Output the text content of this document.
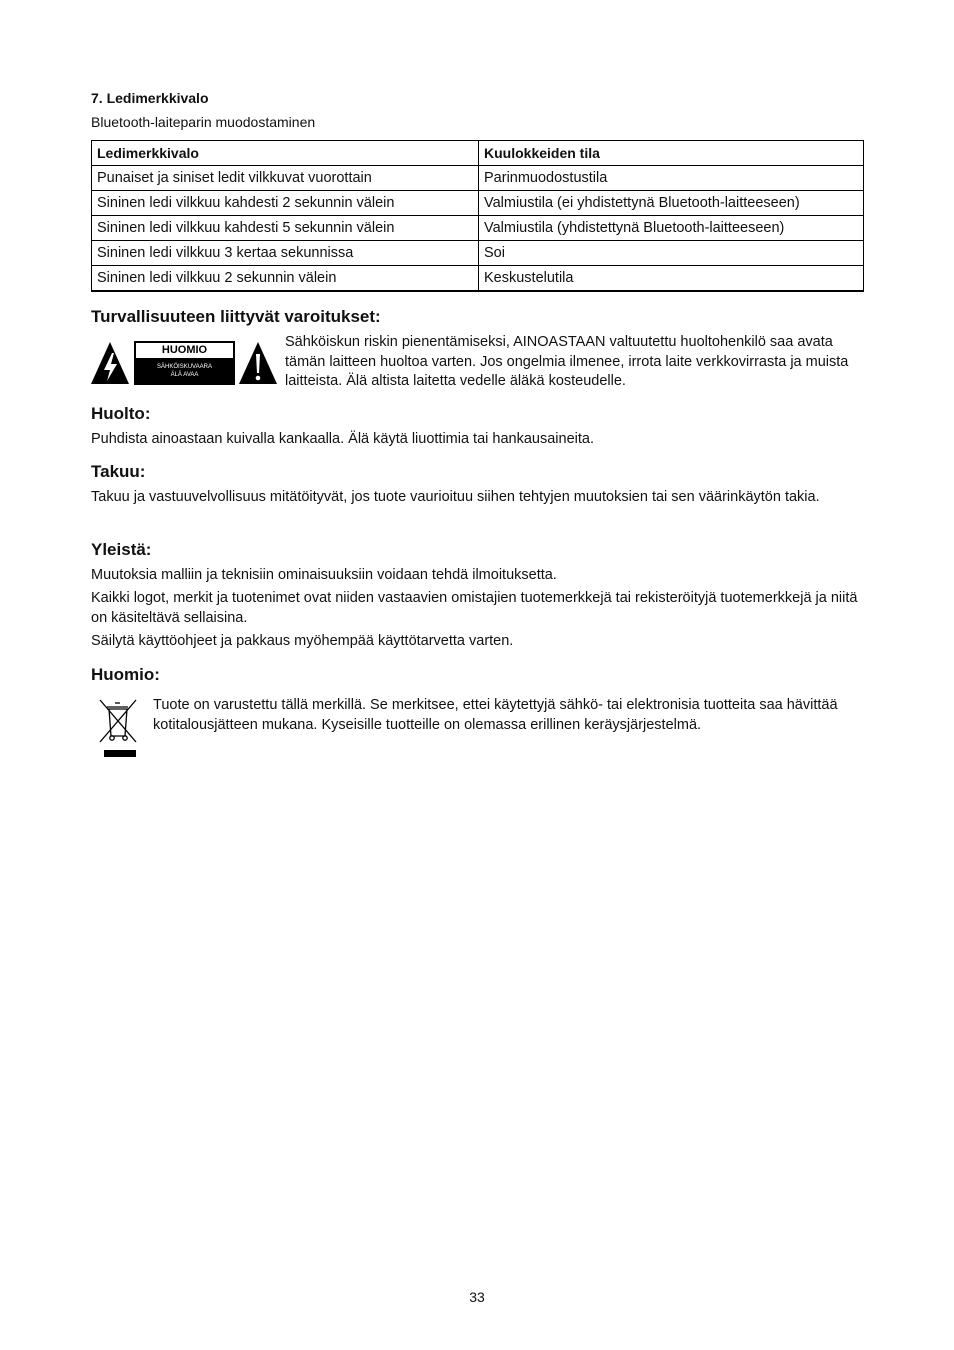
7. Ledimerkkivalo
Bluetooth-laiteparin muodostaminen
Ledimerkkivalo	Kuulokkeiden tila
Punaiset ja siniset ledit vilkkuvat vuorottain	Parinmuodostustila
Sininen ledi vilkkuu kahdesti 2 sekunnin välein	Valmiustila (ei yhdistettynä Bluetooth-laitteeseen)
Sininen ledi vilkkuu kahdesti 5 sekunnin välein	Valmiustila (yhdistettynä Bluetooth-laitteeseen)
Sininen ledi vilkkuu 3 kertaa sekunnissa	Soi
Sininen ledi vilkkuu 2 sekunnin välein	Keskustelutila
Turvallisuuteen liittyvät varoitukset:
HUOMIO
SÄHKÖISKUVAARA
ÄLÄ AVAA
Sähköiskun riskin pienentämiseksi, AINOASTAAN valtuutettu huoltohenkilö saa avata tämän laitteen huoltoa varten. Jos ongelmia ilmenee, irrota laite verkkovirrasta ja muista laitteista. Älä altista laitetta vedelle äläkä kosteudelle.
Huolto:

Puhdista ainoastaan kuivalla kankaalla. Älä käytä liuottimia tai hankausaineita.

Takuu:

Takuu ja vastuuvelvollisuus mitätöityvät, jos tuote vaurioituu siihen tehtyjen muutoksien tai sen väärinkäytön takia.

Yleistä:

Muutoksia malliin ja teknisiin ominaisuuksiin voidaan tehdä ilmoituksetta.

Kaikki logot, merkit ja tuotenimet ovat niiden vastaavien omistajien tuotemerkkejä tai rekisteröityjä tuotemerkkejä ja niitä on käsiteltävä sellaisina.

Säilytä käyttöohjeet ja pakkaus myöhempää käyttötarvetta varten.

Huomio:
Tuote on varustettu tällä merkillä. Se merkitsee, ettei käytettyjä sähkö- tai elektronisia tuotteita saa hävittää kotitalousjätteen mukana. Kyseisille tuotteille on olemassa erillinen keräysjärjestelmä.
33
